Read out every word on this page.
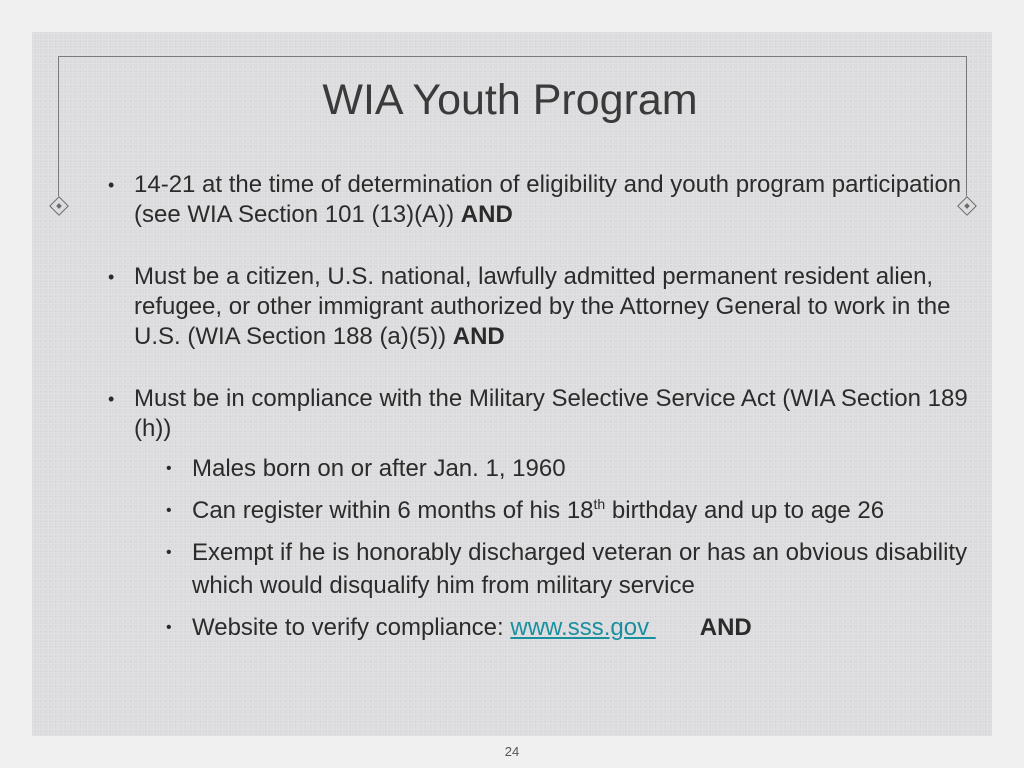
WIA Youth Program
• 14-21 at the time of determination of eligibility and youth program participation (see WIA Section 101 (13)(A)) AND
• Must be a citizen, U.S. national, lawfully admitted permanent resident alien, refugee, or other immigrant authorized by the Attorney General to work in the U.S. (WIA Section 188 (a)(5)) AND
• Must be in compliance with the Military Selective Service Act (WIA Section 189 (h))
• Males born on or after Jan. 1, 1960
• Can register within 6 months of his 18th birthday and up to age 26
• Exempt if he is honorably discharged veteran or has an obvious disability which would disqualify him from military service
• Website to verify compliance: www.sss.gov AND
24
